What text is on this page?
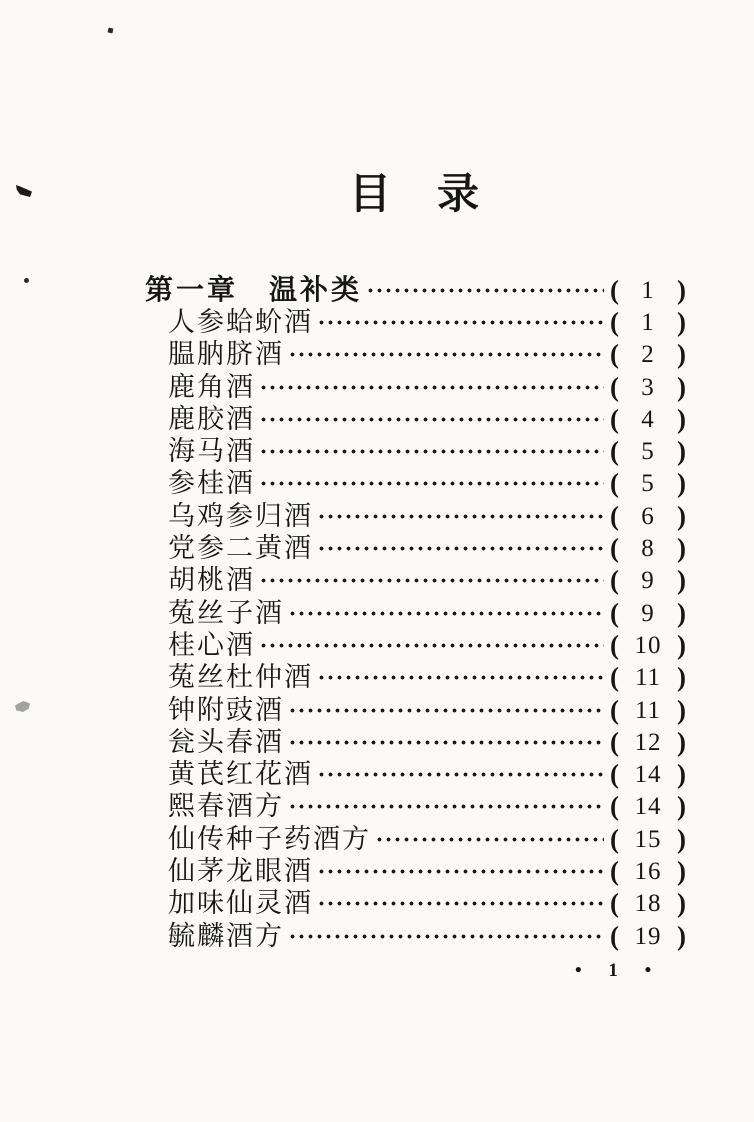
目　录
第一章　温补类	( 1 )
人参蛤蚧酒	( 1 )
腽肭脐酒	( 2 )
鹿角酒	( 3 )
鹿胶酒	( 4 )
海马酒	( 5 )
参桂酒	( 5 )
乌鸡参归酒	( 6 )
党参二黄酒	( 8 )
胡桃酒	( 9 )
菟丝子酒	( 9 )
桂心酒	( 10 )
菟丝杜仲酒	( 11 )
钟附豉酒	( 11 )
瓮头春酒	( 12 )
黄芪红花酒	( 14 )
熙春酒方	( 14 )
仙传种子药酒方	( 15 )
仙茅龙眼酒	( 16 )
加味仙灵酒	( 18 )
毓麟酒方	( 19 )
• 1 •
